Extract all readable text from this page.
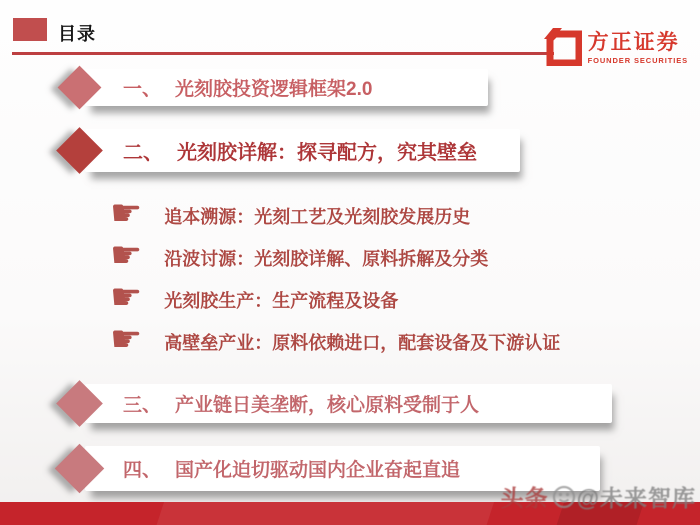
目录	方正证券
FOUNDER SECURITIES
一、 光刻胶投资逻辑框架2.0
二、 光刻胶详解：探寻配方，究其壁垒
☛ 追本溯源：光刻工艺及光刻胶发展历史
☛ 沿波讨源：光刻胶详解、原料拆解及分类
☛ 光刻胶生产：生产流程及设备
☛ 高壁垒产业：原料依赖进口，配套设备及下游认证
三、 产业链日美垄断，核心原料受制于人
四、 国产化迫切驱动国内企业奋起直追
头条 @未来智库
